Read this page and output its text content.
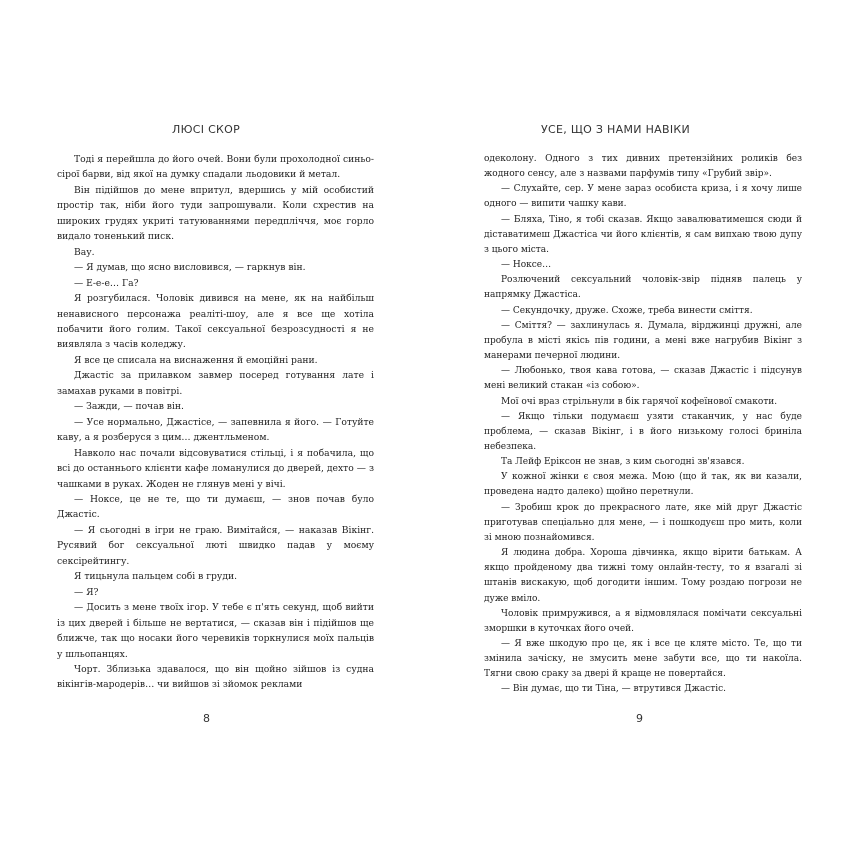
ЛЮСІ СКОР	УСЕ, ЩО З НАМИ НАВІКИ

Тоді я перейшла до його очей. Вони були прохолодної синьо-сірої барви, від якої на думку спадали льодовики й метал.

Він підійшов до мене впритул, вдершись у мій особистий простір так, ніби його туди запрошували. Коли схрестив на широких грудях укриті татуюваннями передпліччя, моє горло видало тоненький писк.

Вау.

— Я думав, що ясно висловився, — гаркнув він.

— Е-е-е… Га?

Я розгубилася. Чоловік дивився на мене, як на найбільш ненависного персонажа реаліті-шоу, але я все ще хотіла побачити його голим. Такої сексуальної безрозсудності я не виявляла з часів коледжу.

Я все це списала на виснаження й емоційні рани.

Джастіс за прилавком завмер посеред готування лате і замахав руками в повітрі.

— Зажди, — почав він.

— Усе нормально, Джастісе, — запевнила я його. — Готуйте каву, а я розберуся з цим… джентльменом.

Навколо нас почали відсовуватися стільці, і я побачила, що всі до останнього клієнти кафе ломанулися до дверей, дехто — з чашками в руках. Жоден не глянув мені у вічі.

— Ноксе, це не те, що ти думаєш, — знов почав було Джастіс.

— Я сьогодні в ігри не граю. Вимітайся, — наказав Вікінг. Русявий бог сексуальної люті швидко падав у моєму сексірейтингу.

Я тицьнула пальцем собі в груди.

— Я?

— Досить з мене твоїх ігор. У тебе є п'ять секунд, щоб вийти із цих дверей і більше не вертатися, — сказав він і підійшов ще ближче, так що носаки його черевиків торкнулися моїх пальців у шльопанцях.

Чорт. Зблизька здавалося, що він щойно зійшов із судна вікінгів-мародерів… чи вийшов зі зйомок реклами

одеколону. Одного з тих дивних претензійних роликів без жодного сенсу, але з назвами парфумів типу «Грубий звір».

— Слухайте, сер. У мене зараз особиста криза, і я хочу лише одного — випити чашку кави.

— Бляха, Тіно, я тобі сказав. Якщо завалюватимешся сюди й діставатимеш Джастіса чи його клієнтів, я сам випхаю твою дупу з цього міста.

— Ноксе…

Розлючений сексуальний чоловік-звір підняв палець у напрямку Джастіса.

— Секундочку, друже. Схоже, треба винести сміття.

— Сміття? — захлинулась я. Думала, вірджинці дружні, але пробула в місті якісь пів години, а мені вже нагрубив Вікінг з манерами печерної людини.

— Любонько, твоя кава готова, — сказав Джастіс і підсунув мені великий стакан «із собою».

Мої очі враз стрільнули в бік гарячої кофеїнової смакоти.

— Якщо тільки подумаєш узяти стаканчик, у нас буде проблема, — сказав Вікінг, і в його низькому голосі бриніла небезпека.

Та Лейф Еріксон не знав, з ким сьогодні зв'язався.

У кожної жінки є своя межа. Мою (що й так, як ви казали, проведена надто далеко) щойно перетнули.

— Зробиш крок до прекрасного лате, яке мій друг Джастіс приготував спеціально для мене, — і пошкодуєш про мить, коли зі мною познайомився.

Я людина добра. Хороша дівчинка, якщо вірити батькам. А якщо пройденому два тижні тому онлайн-тесту, то я взагалі зі штанів вискакую, щоб догодити іншим. Тому роздаю погрози не дуже вміло.

Чоловік примружився, а я відмовлялася помічати сексуальні зморшки в куточках його очей.

— Я вже шкодую про це, як і все це кляте місто. Те, що ти змінила зачіску, не змусить мене забути все, що ти накоїла. Тягни свою сраку за двері й краще не повертайся.

— Він думає, що ти Тіна, — втрутився Джастіс.

8	9
